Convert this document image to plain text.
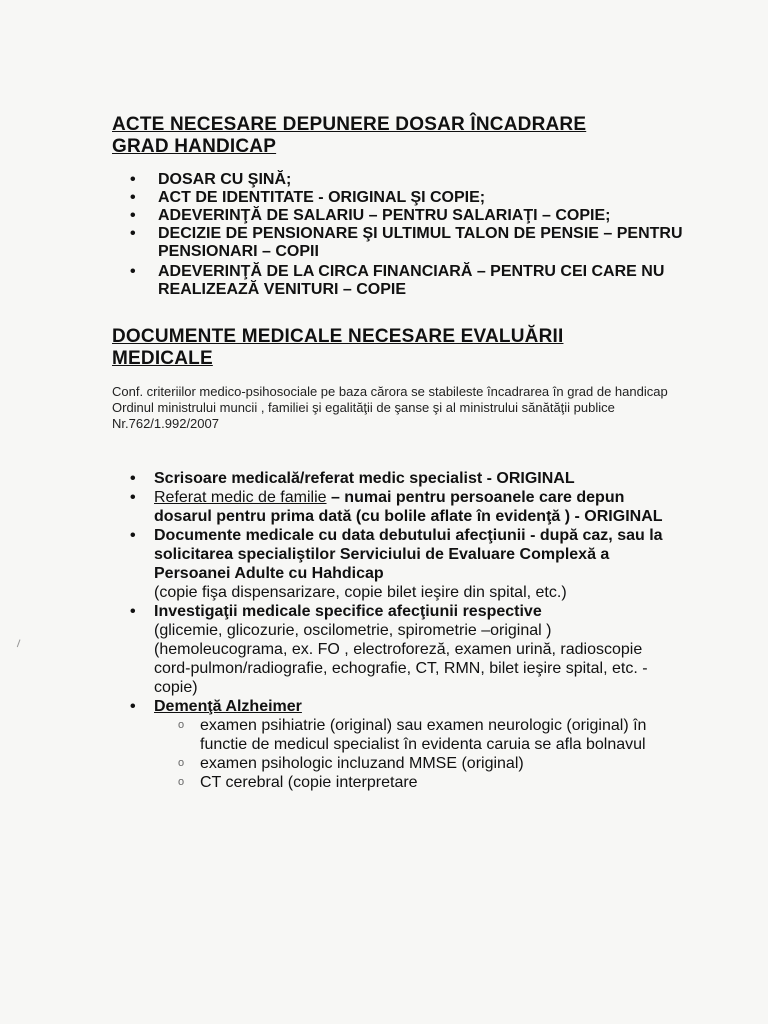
ACTE NECESARE DEPUNERE DOSAR ÎNCADRARE
GRAD HANDICAP
• DOSAR CU ŞINĂ;
• ACT DE IDENTITATE - ORIGINAL ŞI COPIE;
• ADEVERINŢĂ DE SALARIU – PENTRU SALARIAŢI – COPIE;
• DECIZIE DE PENSIONARE ŞI ULTIMUL TALON DE PENSIE – PENTRU PENSIONARI – COPII
• ADEVERINŢĂ DE LA CIRCA FINANCIARĂ – PENTRU CEI CARE NU REALIZEAZĂ VENITURI – COPIE
DOCUMENTE MEDICALE NECESARE EVALUĂRII
MEDICALE
Conf. criteriilor medico-psihosociale pe baza cărora se stabileste încadrarea în grad de handicap
Ordinul ministrului muncii , familiei şi egalităţii de şanse şi al ministrului sănătăţii publice Nr.762/1.992/2007
• Scrisoare medicală/referat medic specialist - ORIGINAL
• Referat medic de familie – numai pentru persoanele care depun dosarul pentru prima dată (cu bolile aflate în evidenţă ) - ORIGINAL
• Documente medicale cu data debutului afecţiunii - după caz, sau la solicitarea specialiştilor Serviciului de Evaluare Complexă a Persoanei Adulte cu Hahdicap
(copie fişa dispensarizare, copie bilet ieşire din spital, etc.)
• Investigaţii medicale specifice afecţiunii respective
(glicemie, glicozurie, oscilometrie, spirometrie –original )
(hemoleucograma, ex. FO , electroforeză, examen urină, radioscopie cord-pulmon/radiografie, echografie, CT, RMN, bilet ieşire spital, etc. - copie)
• Demenţă Alzheimer
o examen psihiatrie (original) sau examen neurologic (original) în functie de medicul specialist în evidenta caruia se afla bolnavul
o examen psihologic incluzand MMSE (original)
o CT cerebral (copie interpretare
